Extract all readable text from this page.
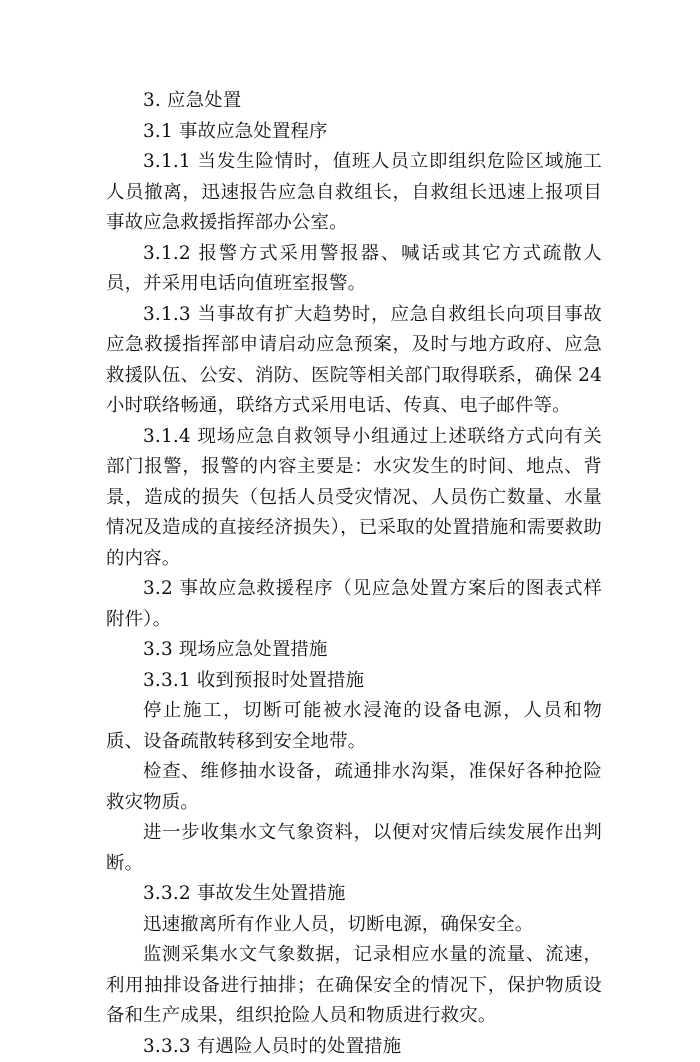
3. 应急处置

3.1 事故应急处置程序

3.1.1 当发生险情时，值班人员立即组织危险区域施工人员撤离，迅速报告应急自救组长，自救组长迅速上报项目事故应急救援指挥部办公室。

3.1.2 报警方式采用警报器、喊话或其它方式疏散人员，并采用电话向值班室报警。

3.1.3 当事故有扩大趋势时，应急自救组长向项目事故应急救援指挥部申请启动应急预案，及时与地方政府、应急救援队伍、公安、消防、医院等相关部门取得联系，确保 24 小时联络畅通，联络方式采用电话、传真、电子邮件等。

3.1.4 现场应急自救领导小组通过上述联络方式向有关部门报警，报警的内容主要是：水灾发生的时间、地点、背景，造成的损失（包括人员受灾情况、人员伤亡数量、水量情况及造成的直接经济损失），已采取的处置措施和需要救助的内容。

3.2 事故应急救援程序（见应急处置方案后的图表式样附件）。

3.3 现场应急处置措施

3.3.1 收到预报时处置措施

停止施工，切断可能被水浸淹的设备电源，人员和物质、设备疏散转移到安全地带。

检查、维修抽水设备，疏通排水沟渠，准保好各种抢险救灾物质。

进一步收集水文气象资料，以便对灾情后续发展作出判断。

3.3.2 事故发生处置措施

迅速撤离所有作业人员，切断电源，确保安全。

监测采集水文气象数据，记录相应水量的流量、流速，利用抽排设备进行抽排；在确保安全的情况下，保护物质设备和生产成果，组织抢险人员和物质进行救灾。

3.3.3 有遇险人员时的处置措施
